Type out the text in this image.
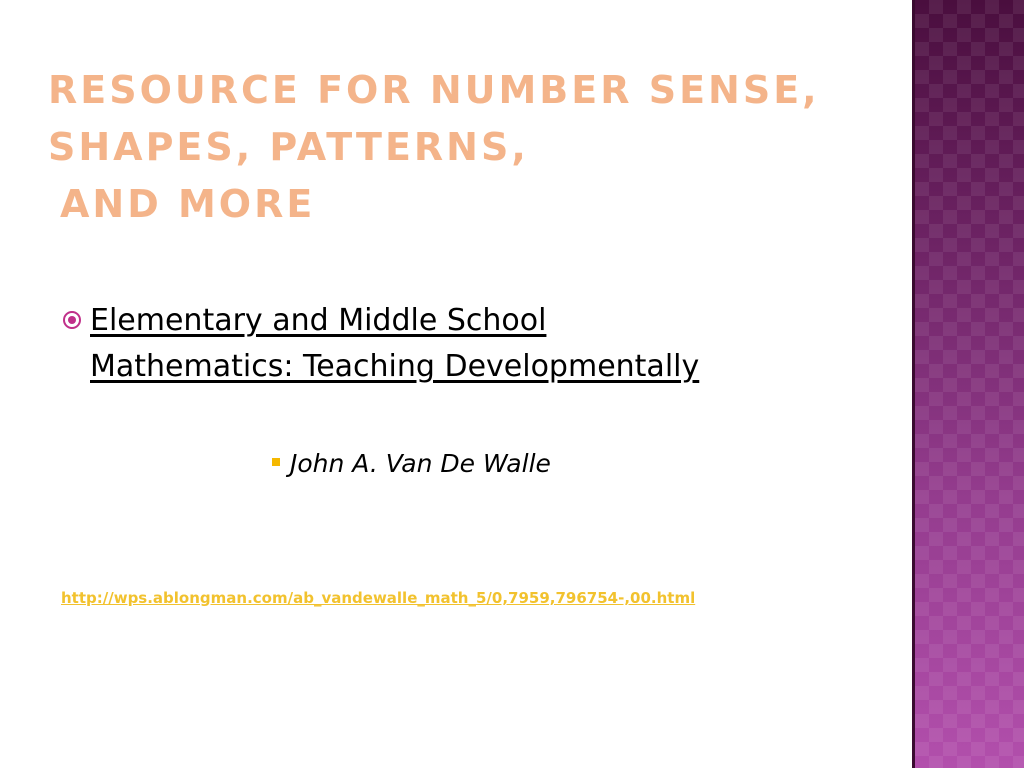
RESOURCE FOR NUMBER SENSE,
SHAPES, PATTERNS,
AND MORE

Elementary and Middle School
Mathematics: Teaching Developmentally

John A. Van De Walle
http://wps.ablongman.com/ab_vandewalle_math_5/0,7959,796754-,00.html
